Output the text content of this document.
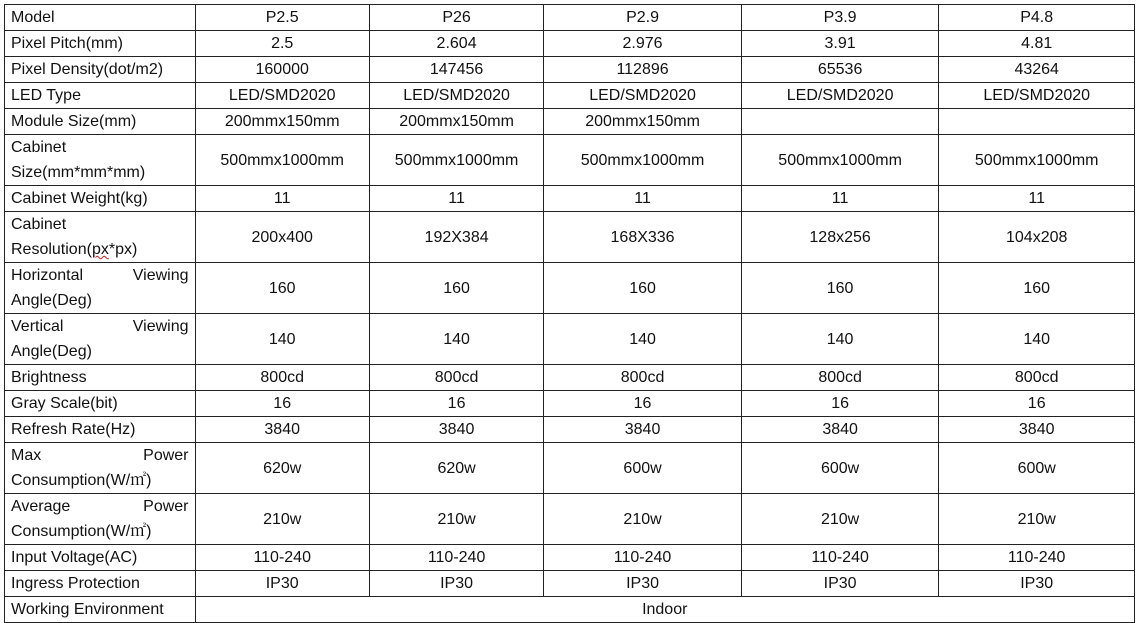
Model	P2.5	P26	P2.9	P3.9	P4.8
Pixel Pitch(mm)	2.5	2.604	2.976	3.91	4.81
Pixel Density(dot/m2)	160000	147456	112896	65536	43264
LED Type	LED/SMD2020	LED/SMD2020	LED/SMD2020	LED/SMD2020	LED/SMD2020
Module Size(mm)	200mmx150mm	200mmx150mm	200mmx150mm		
Cabinet Size(mm*mm*mm)	500mmx1000mm	500mmx1000mm	500mmx1000mm	500mmx1000mm	500mmx1000mm
Cabinet Weight(kg)	11	11	11	11	11
Cabinet Resolution(px*px)	200x400	192X384	168X336	128x256	104x208
Horizontal Viewing Angle(Deg)	160	160	160	160	160
Vertical Viewing Angle(Deg)	140	140	140	140	140
Brightness	800cd	800cd	800cd	800cd	800cd
Gray Scale(bit)	16	16	16	16	16
Refresh Rate(Hz)	3840	3840	3840	3840	3840
Max Power Consumption(W/㎡)	620w	620w	600w	600w	600w
Average Power Consumption(W/㎡)	210w	210w	210w	210w	210w
Input Voltage(AC)	110-240	110-240	110-240	110-240	110-240
Ingress Protection	IP30	IP30	IP30	IP30	IP30
Working Environment	Indoor				
